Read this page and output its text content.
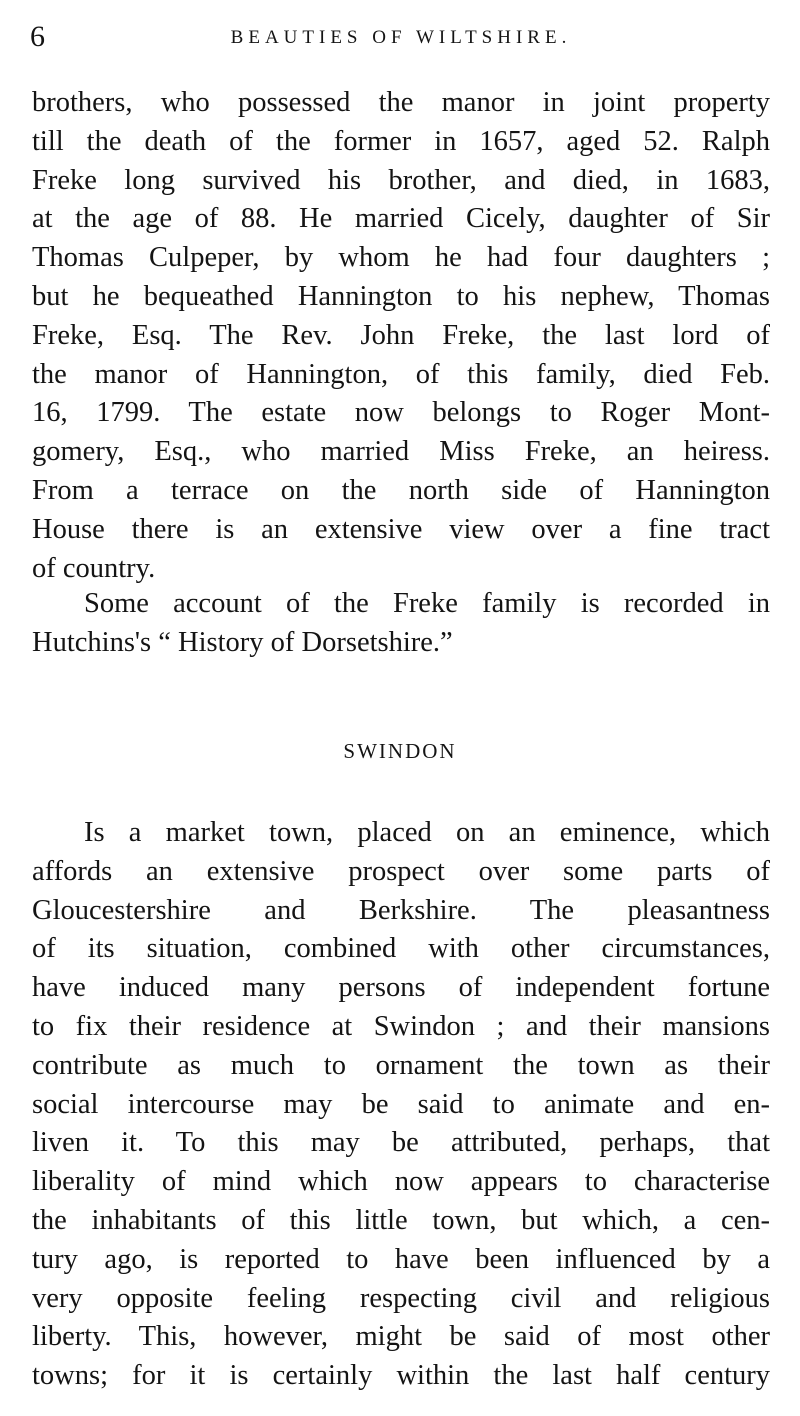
6	BEAUTIES OF WILTSHIRE.
brothers, who possessed the manor in joint property
till the death of the former in 1657, aged 52. Ralph
Freke long survived his brother, and died, in 1683,
at the age of 88. He married Cicely, daughter of Sir
Thomas Culpeper, by whom he had four daughters ;
but he bequeathed Hannington to his nephew, Thomas
Freke, Esq. The Rev. John Freke, the last lord of
the manor of Hannington, of this family, died Feb.
16, 1799. The estate now belongs to Roger Mont-
gomery, Esq., who married Miss Freke, an heiress.
From a terrace on the north side of Hannington
House there is an extensive view over a fine tract
of country.
Some account of the Freke family is recorded in
Hutchins's “ History of Dorsetshire.”
SWINDON
Is a market town, placed on an eminence, which
affords an extensive prospect over some parts of
Gloucestershire and Berkshire. The pleasantness
of its situation, combined with other circumstances,
have induced many persons of independent fortune
to fix their residence at Swindon ; and their mansions
contribute as much to ornament the town as their
social intercourse may be said to animate and en-
liven it. To this may be attributed, perhaps, that
liberality of mind which now appears to characterise
the inhabitants of this little town, but which, a cen-
tury ago, is reported to have been influenced by a
very opposite feeling respecting civil and religious
liberty. This, however, might be said of most other
towns; for it is certainly within the last half century
